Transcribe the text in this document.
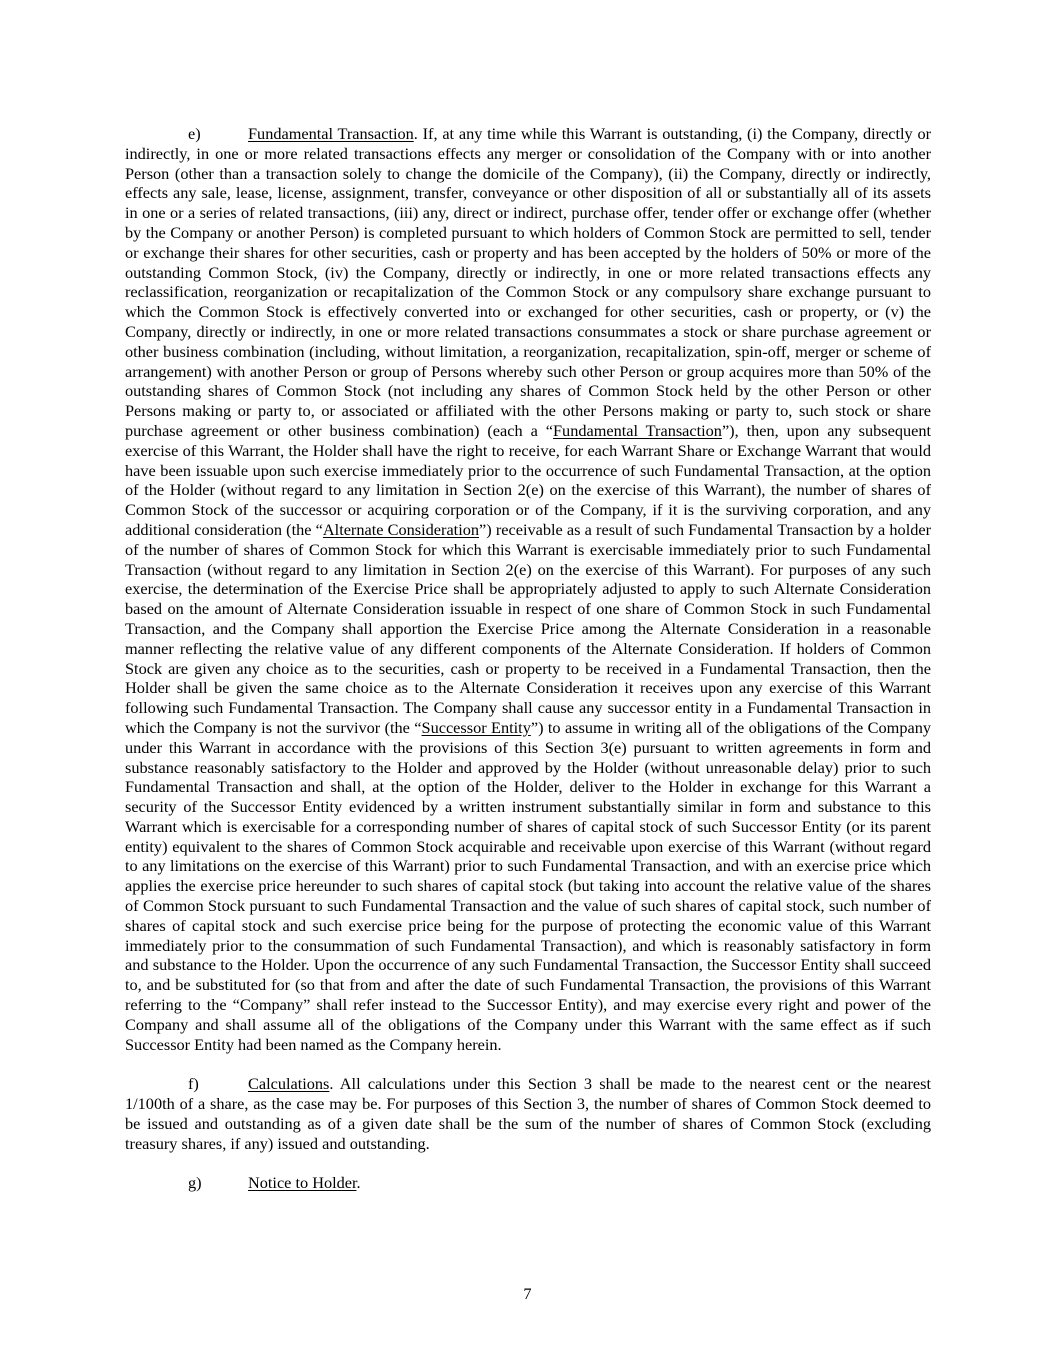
e)	Fundamental Transaction. If, at any time while this Warrant is outstanding, (i) the Company, directly or indirectly, in one or more related transactions effects any merger or consolidation of the Company with or into another Person (other than a transaction solely to change the domicile of the Company), (ii) the Company, directly or indirectly, effects any sale, lease, license, assignment, transfer, conveyance or other disposition of all or substantially all of its assets in one or a series of related transactions, (iii) any, direct or indirect, purchase offer, tender offer or exchange offer (whether by the Company or another Person) is completed pursuant to which holders of Common Stock are permitted to sell, tender or exchange their shares for other securities, cash or property and has been accepted by the holders of 50% or more of the outstanding Common Stock, (iv) the Company, directly or indirectly, in one or more related transactions effects any reclassification, reorganization or recapitalization of the Common Stock or any compulsory share exchange pursuant to which the Common Stock is effectively converted into or exchanged for other securities, cash or property, or (v) the Company, directly or indirectly, in one or more related transactions consummates a stock or share purchase agreement or other business combination (including, without limitation, a reorganization, recapitalization, spin-off, merger or scheme of arrangement) with another Person or group of Persons whereby such other Person or group acquires more than 50% of the outstanding shares of Common Stock (not including any shares of Common Stock held by the other Person or other Persons making or party to, or associated or affiliated with the other Persons making or party to, such stock or share purchase agreement or other business combination) (each a “Fundamental Transaction”), then, upon any subsequent exercise of this Warrant, the Holder shall have the right to receive, for each Warrant Share or Exchange Warrant that would have been issuable upon such exercise immediately prior to the occurrence of such Fundamental Transaction, at the option of the Holder (without regard to any limitation in Section 2(e) on the exercise of this Warrant), the number of shares of Common Stock of the successor or acquiring corporation or of the Company, if it is the surviving corporation, and any additional consideration (the “Alternate Consideration”) receivable as a result of such Fundamental Transaction by a holder of the number of shares of Common Stock for which this Warrant is exercisable immediately prior to such Fundamental Transaction (without regard to any limitation in Section 2(e) on the exercise of this Warrant). For purposes of any such exercise, the determination of the Exercise Price shall be appropriately adjusted to apply to such Alternate Consideration based on the amount of Alternate Consideration issuable in respect of one share of Common Stock in such Fundamental Transaction, and the Company shall apportion the Exercise Price among the Alternate Consideration in a reasonable manner reflecting the relative value of any different components of the Alternate Consideration. If holders of Common Stock are given any choice as to the securities, cash or property to be received in a Fundamental Transaction, then the Holder shall be given the same choice as to the Alternate Consideration it receives upon any exercise of this Warrant following such Fundamental Transaction. The Company shall cause any successor entity in a Fundamental Transaction in which the Company is not the survivor (the “Successor Entity”) to assume in writing all of the obligations of the Company under this Warrant in accordance with the provisions of this Section 3(e) pursuant to written agreements in form and substance reasonably satisfactory to the Holder and approved by the Holder (without unreasonable delay) prior to such Fundamental Transaction and shall, at the option of the Holder, deliver to the Holder in exchange for this Warrant a security of the Successor Entity evidenced by a written instrument substantially similar in form and substance to this Warrant which is exercisable for a corresponding number of shares of capital stock of such Successor Entity (or its parent entity) equivalent to the shares of Common Stock acquirable and receivable upon exercise of this Warrant (without regard to any limitations on the exercise of this Warrant) prior to such Fundamental Transaction, and with an exercise price which applies the exercise price hereunder to such shares of capital stock (but taking into account the relative value of the shares of Common Stock pursuant to such Fundamental Transaction and the value of such shares of capital stock, such number of shares of capital stock and such exercise price being for the purpose of protecting the economic value of this Warrant immediately prior to the consummation of such Fundamental Transaction), and which is reasonably satisfactory in form and substance to the Holder. Upon the occurrence of any such Fundamental Transaction, the Successor Entity shall succeed to, and be substituted for (so that from and after the date of such Fundamental Transaction, the provisions of this Warrant referring to the “Company” shall refer instead to the Successor Entity), and may exercise every right and power of the Company and shall assume all of the obligations of the Company under this Warrant with the same effect as if such Successor Entity had been named as the Company herein.

f)	Calculations. All calculations under this Section 3 shall be made to the nearest cent or the nearest 1/100th of a share, as the case may be. For purposes of this Section 3, the number of shares of Common Stock deemed to be issued and outstanding as of a given date shall be the sum of the number of shares of Common Stock (excluding treasury shares, if any) issued and outstanding.

g)	Notice to Holder.

7
